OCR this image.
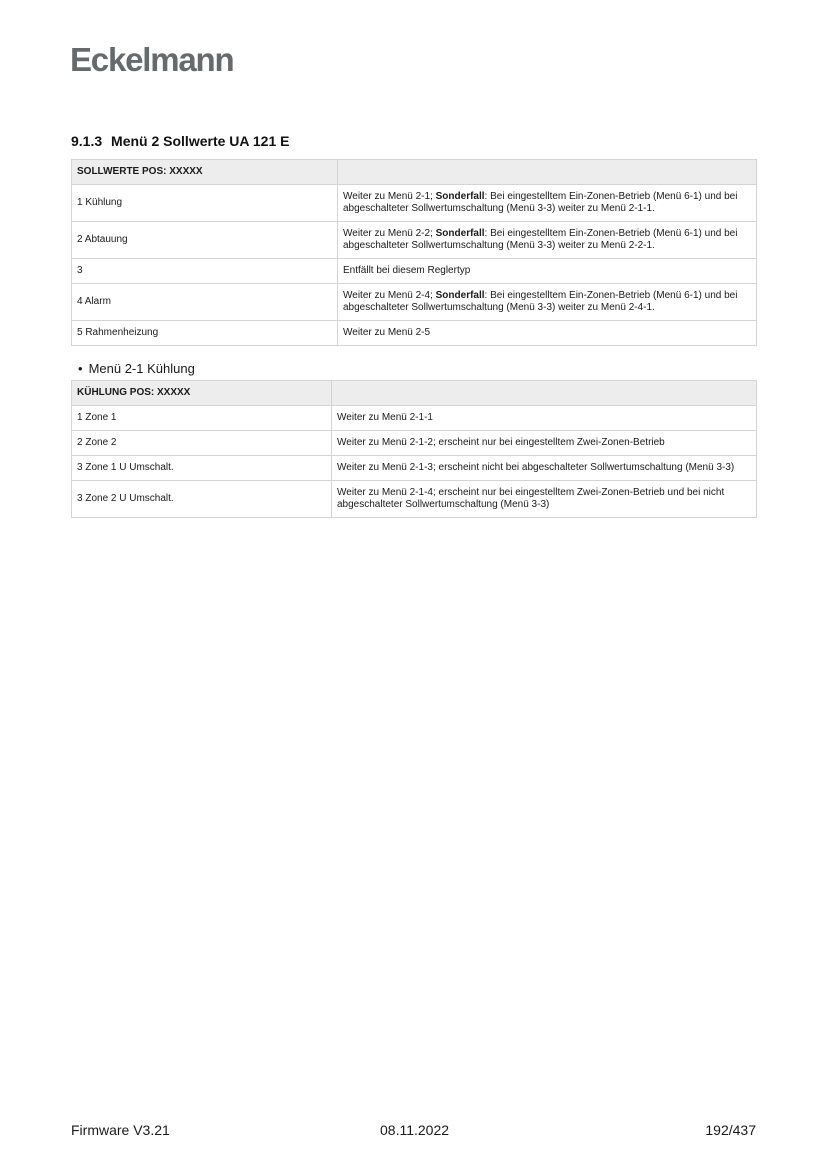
Eckelmann
9.1.3 Menü 2 Sollwerte UA 121 E
SOLLWERTE POS: XXXXX	
1 Kühlung	Weiter zu Menü 2-1; Sonderfall: Bei eingestelltem Ein-Zonen-Betrieb (Menü 6-1) und bei abgeschalteter Sollwertumschaltung (Menü 3-3) weiter zu Menü 2-1-1.
2 Abtauung	Weiter zu Menü 2-2; Sonderfall: Bei eingestelltem Ein-Zonen-Betrieb (Menü 6-1) und bei abgeschalteter Sollwertumschaltung (Menü 3-3) weiter zu Menü 2-2-1.
3	Entfällt bei diesem Reglertyp
4 Alarm	Weiter zu Menü 2-4; Sonderfall: Bei eingestelltem Ein-Zonen-Betrieb (Menü 6-1) und bei abgeschalteter Sollwertumschaltung (Menü 3-3) weiter zu Menü 2-4-1.
5 Rahmenheizung	Weiter zu Menü 2-5
• Menü 2-1 Kühlung
KÜHLUNG POS: XXXXX	
1 Zone 1	Weiter zu Menü 2-1-1
2 Zone 2	Weiter zu Menü 2-1-2; erscheint nur bei eingestelltem Zwei-Zonen-Betrieb
3 Zone 1 U Umschalt.	Weiter zu Menü 2-1-3; erscheint nicht bei abgeschalteter Sollwertumschaltung (Menü 3-3)
3 Zone 2 U Umschalt.	Weiter zu Menü 2-1-4; erscheint nur bei eingestelltem Zwei-Zonen-Betrieb und bei nicht abgeschalteter Sollwertumschaltung (Menü 3-3)
Firmware V3.21	08.11.2022	192/437
